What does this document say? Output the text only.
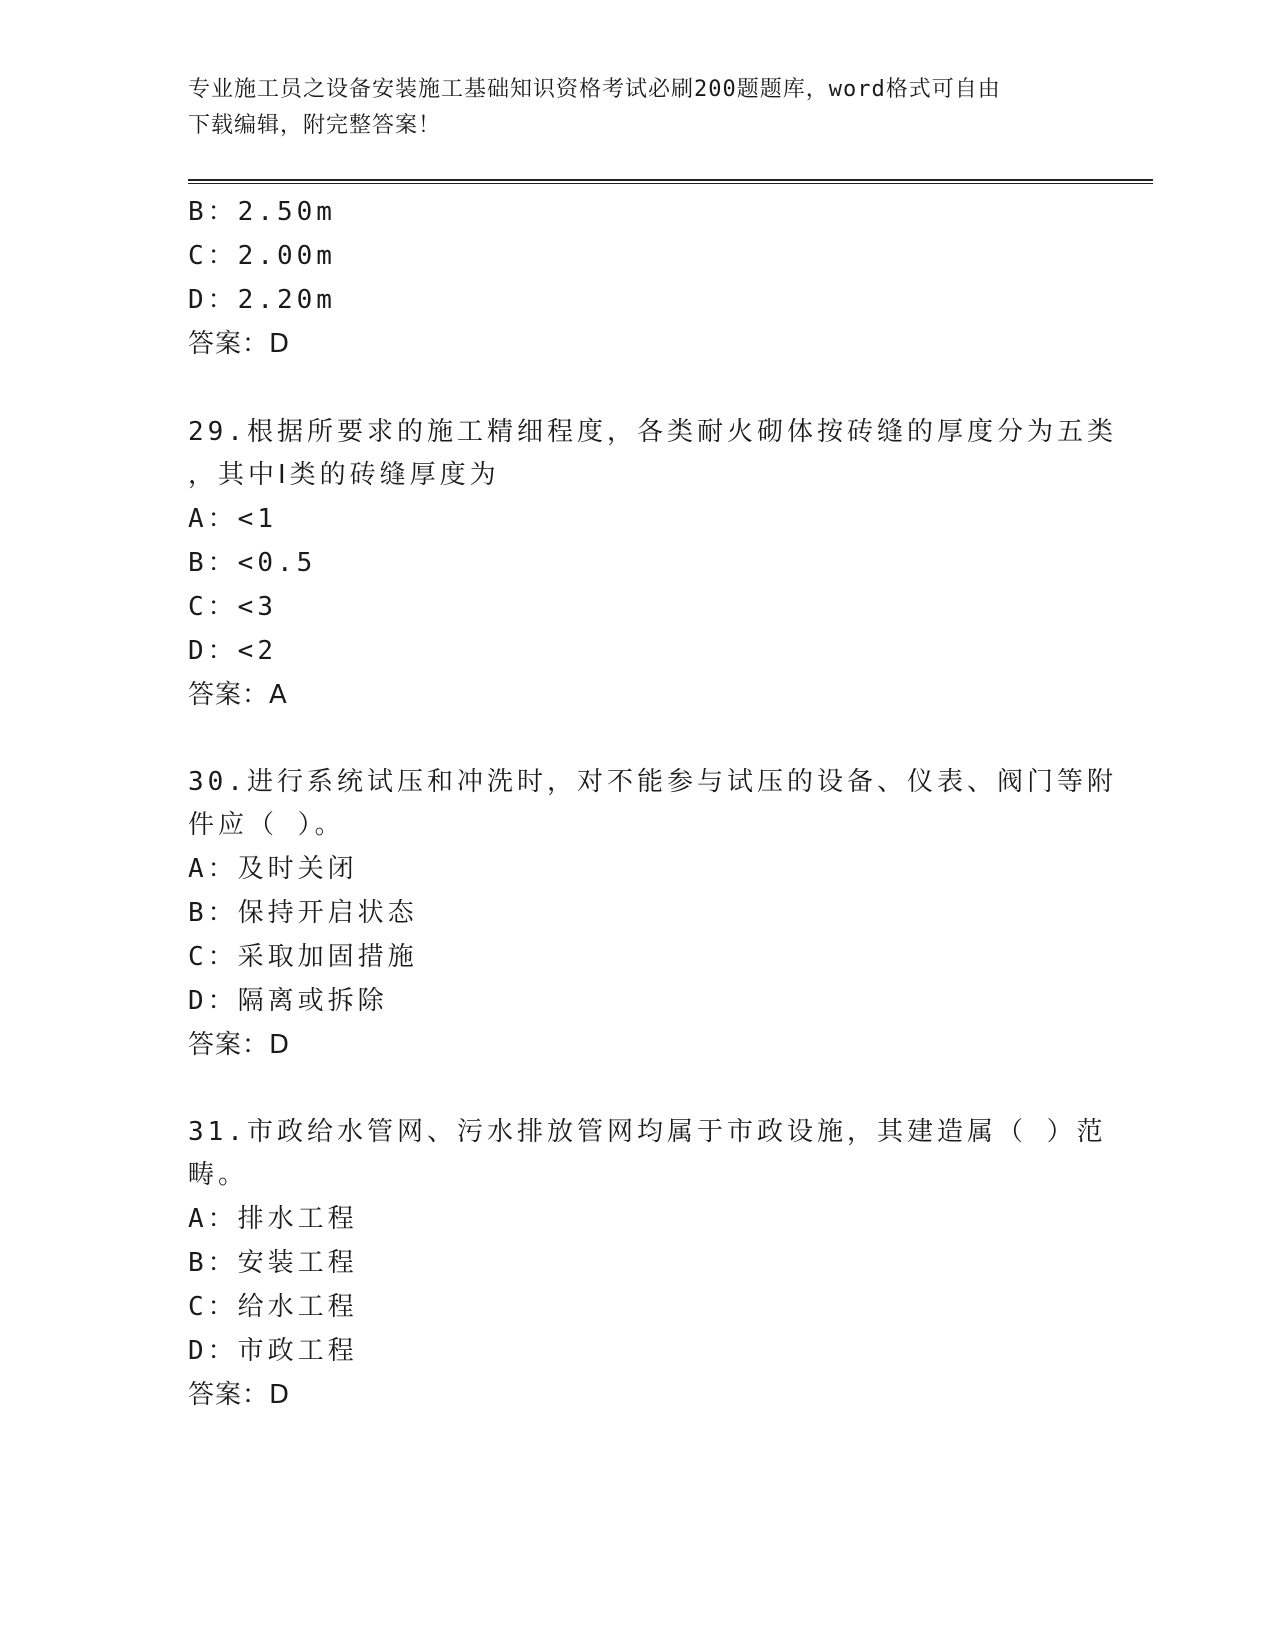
专业施工员之设备安装施工基础知识资格考试必刷200题题库，word格式可自由
下载编辑，附完整答案！
B：2.50m
C：2.00m
D：2.20m
答案：D
29.根据所要求的施工精细程度，各类耐火砌体按砖缝的厚度分为五类
，其中Ⅰ类的砖缝厚度为
A：<1
B：<0.5
C：<3
D：<2
答案：A
30.进行系统试压和冲洗时，对不能参与试压的设备、仪表、阀门等附
件应（ ）。
A：及时关闭
B：保持开启状态
C：采取加固措施
D：隔离或拆除
答案：D
31.市政给水管网、污水排放管网均属于市政设施，其建造属（ ）范
畴。
A：排水工程
B：安装工程
C：给水工程
D：市政工程
答案：D
